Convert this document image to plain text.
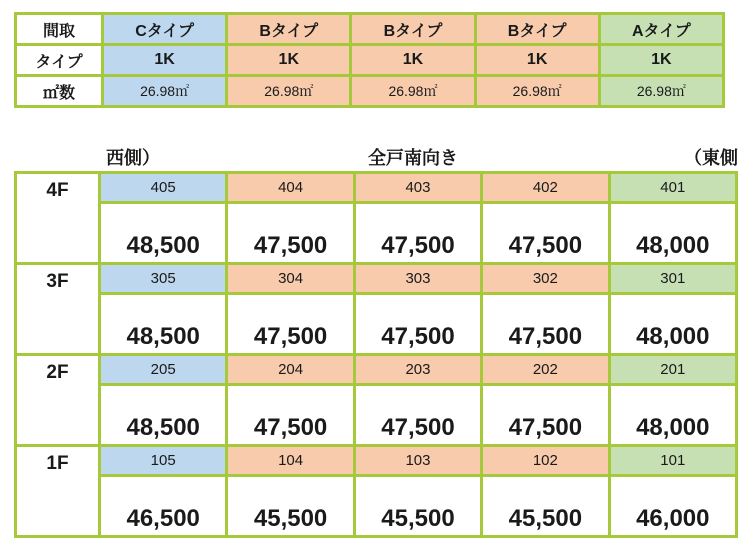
間取	Cタイプ	Bタイプ	Bタイプ	Bタイプ	Aタイプ
タイプ	1K	1K	1K	1K	1K
㎡数	26.98㎡	26.98㎡	26.98㎡	26.98㎡	26.98㎡
西側）	全戸南向き	（東側
4F	405	404	403	402	401
	48,500	47,500	47,500	47,500	48,000
3F	305	304	303	302	301
	48,500	47,500	47,500	47,500	48,000
2F	205	204	203	202	201
	48,500	47,500	47,500	47,500	48,000
1F	105	104	103	102	101
	46,500	45,500	45,500	45,500	46,000
